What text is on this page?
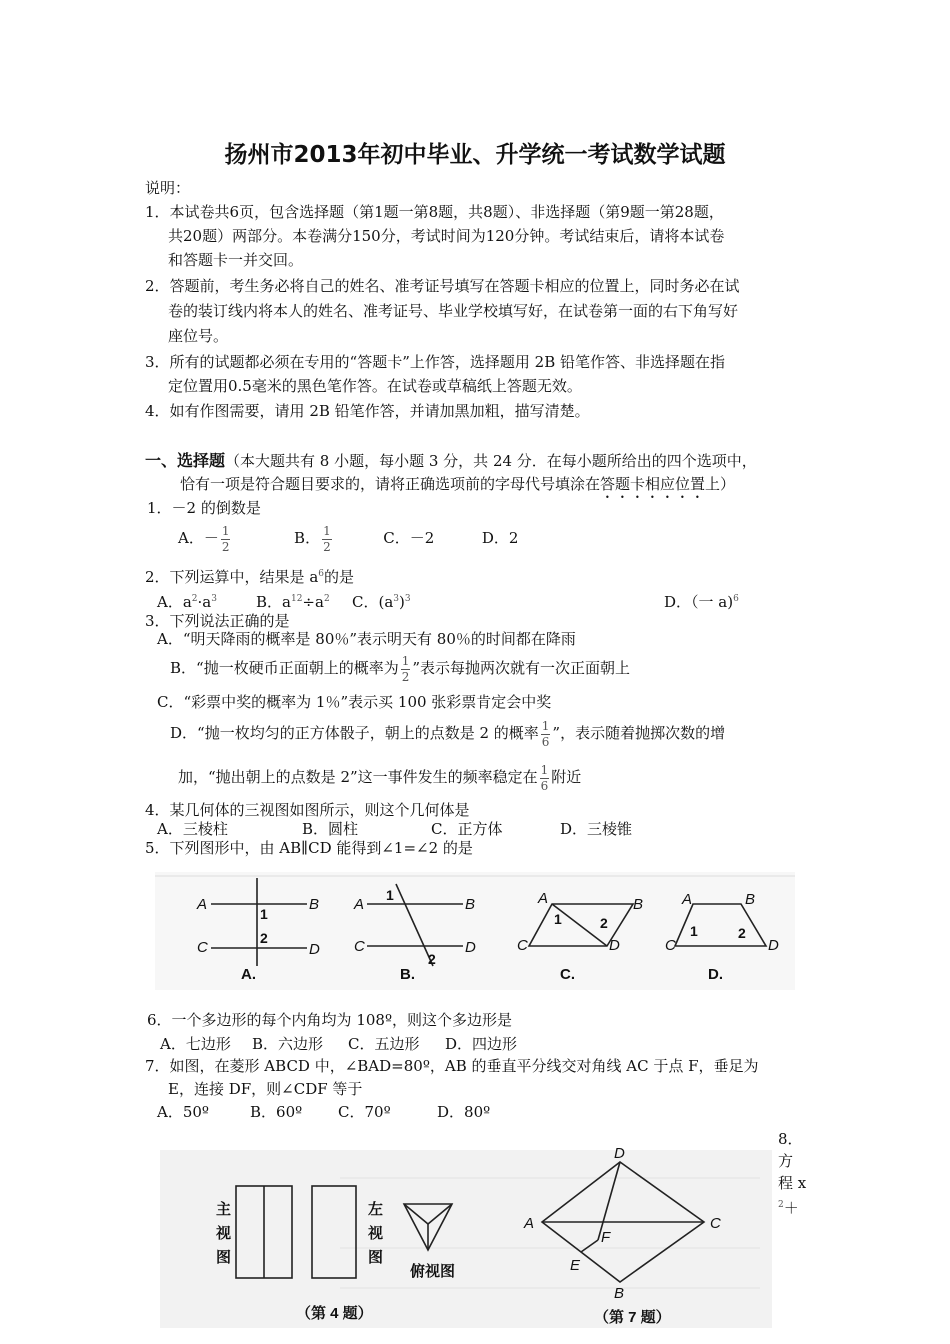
扬州市2013年初中毕业、升学统一考试数学试题
说明：
1．本试卷共6页，包含选择题（第1题一第8题，共8题）、非选择题（第9题一第28题，
共20题）两部分。本卷满分150分，考试时间为120分钟。考试结束后，请将本试卷
和答题卡一并交回。
2．答题前，考生务必将自己的姓名、准考证号填写在答题卡相应的位置上，同时务必在试
卷的装订线内将本人的姓名、准考证号、毕业学校填写好，在试卷第一面的右下角写好
座位号。
3．所有的试题都必须在专用的“答题卡”上作答，选择题用 2B 铅笔作答、非选择题在指
定位置用0.5毫米的黑色笔作答。在试卷或草稿纸上答题无效。
4．如有作图需要，请用 2B 铅笔作答，并请加黑加粗，描写清楚。
一、选择题（本大题共有 8 小题，每小题 3 分，共 24 分．在每小题所给出的四个选项中，
恰有一项是符合题目要求的，请将正确选项前的字母代号填涂在答题卡相应位置上）
1．－2 的倒数是
A．－ $\frac{1}{2}$	B． $\frac{1}{2}$	C．－2	D．2
2．下列运算中，结果是 $a^6$的是
A．$a^2\cdot a^3$	B．$a^{12}\div a^2$ C．$(a^3)^3$	D．（一 a)$^6$
3．下列说法正确的是
A．“明天降雨的概率是 80％”表示明天有 80％的时间都在降雨
B．“抛一枚硬币正面朝上的概率为 $\frac{1}{2}$ ”表示每抛两次就有一次正面朝上
C．“彩票中奖的概率为 1％”表示买 100 张彩票肯定会中奖
D．“抛一枚均匀的正方体骰子，朝上的点数是 2 的概率 $\frac{1}{6}$ ”，表示随着抛掷次数的增
加，“抛出朝上的点数是 2”这一事件发生的频率稳定在 $\frac{1}{6}$ 附近
4．某几何体的三视图如图所示，则这个几何体是
A．三棱柱	B．圆柱	C．正方体	D．三棱锥
5．下列图形中，由 AB∥CD 能得到∠1=∠2 的是
A	B
C	D
A	B
C	D
A	B
C	D
A	B
C	D
1
2
1
2
1	2	1	2
A.	B.	C.	D.
6．一个多边形的每个内角均为 108º，则这个多边形是
A．七边形 B．六边形 C．五边形 D．四边形
7．如图，在菱形 ABCD 中，∠BAD=80º，AB 的垂直平分线交对角线 AC 于点 F，垂足为
E，连接 DF，则∠CDF 等于
A．50º	B．60º C．70º	D．80º
8．
方
程 x
$^2$＋
主
视
图
左
视
图
俯视图
（第 4 题）	（第 7 题）
A
D
C
B
E
F
